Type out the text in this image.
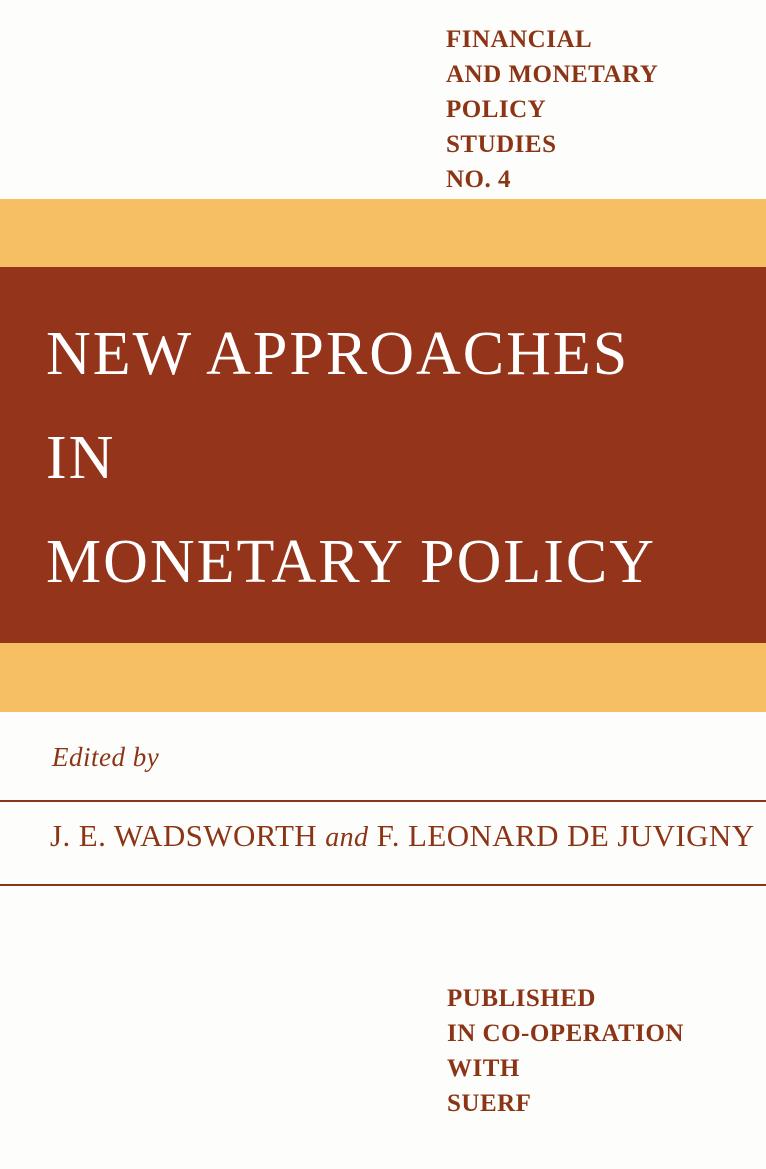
FINANCIAL
AND MONETARY
POLICY
STUDIES
NO. 4
NEW APPROACHES
IN
MONETARY POLICY
Edited by
J. E. WADSWORTH and F. LEONARD DE JUVIGNY
PUBLISHED
IN CO-OPERATION
WITH
SUERF
